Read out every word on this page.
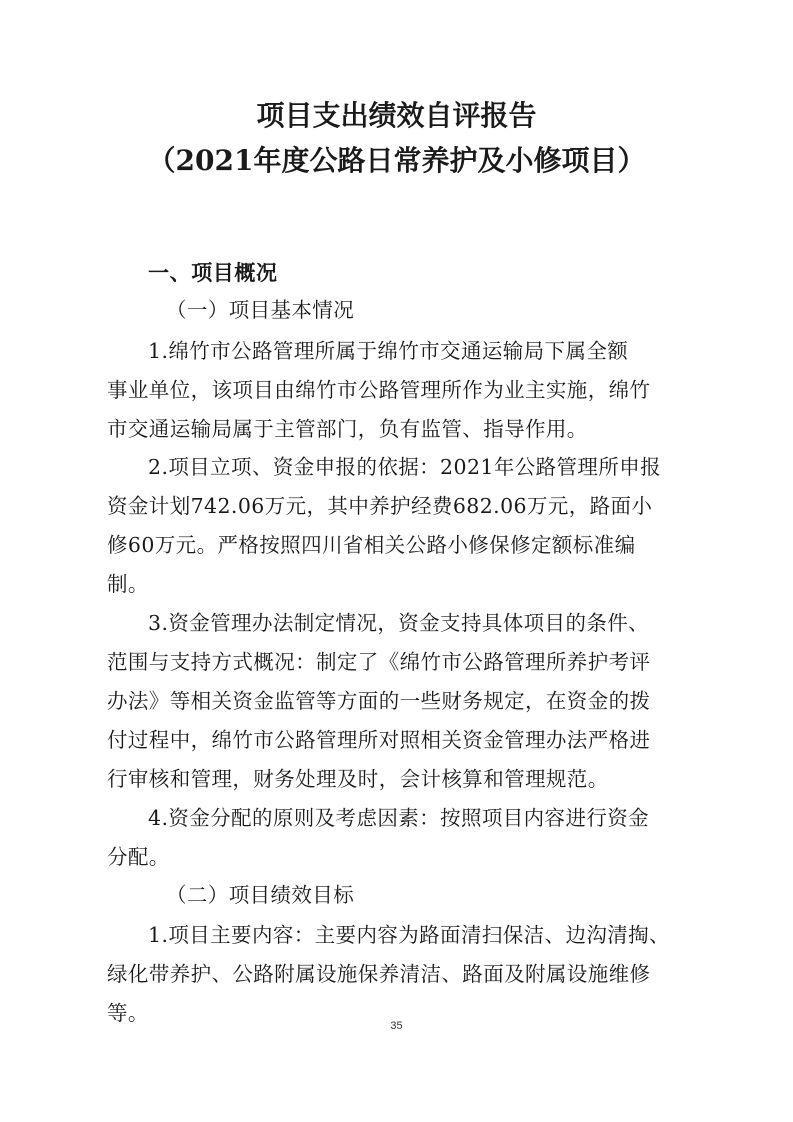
项目支出绩效自评报告
（2021年度公路日常养护及小修项目）
一、项目概况
（一）项目基本情况
1.绵竹市公路管理所属于绵竹市交通运输局下属全额
事业单位，该项目由绵竹市公路管理所作为业主实施，绵竹
市交通运输局属于主管部门，负有监管、指导作用。
2.项目立项、资金申报的依据：2021年公路管理所申报
资金计划742.06万元，其中养护经费682.06万元，路面小
修60万元。严格按照四川省相关公路小修保修定额标准编
制。
3.资金管理办法制定情况，资金支持具体项目的条件、
范围与支持方式概况：制定了《绵竹市公路管理所养护考评
办法》等相关资金监管等方面的一些财务规定，在资金的拨
付过程中，绵竹市公路管理所对照相关资金管理办法严格进
行审核和管理，财务处理及时，会计核算和管理规范。
4.资金分配的原则及考虑因素：按照项目内容进行资金
分配。
（二）项目绩效目标
1.项目主要内容：主要内容为路面清扫保洁、边沟清掏、
绿化带养护、公路附属设施保养清洁、路面及附属设施维修
等。
35
